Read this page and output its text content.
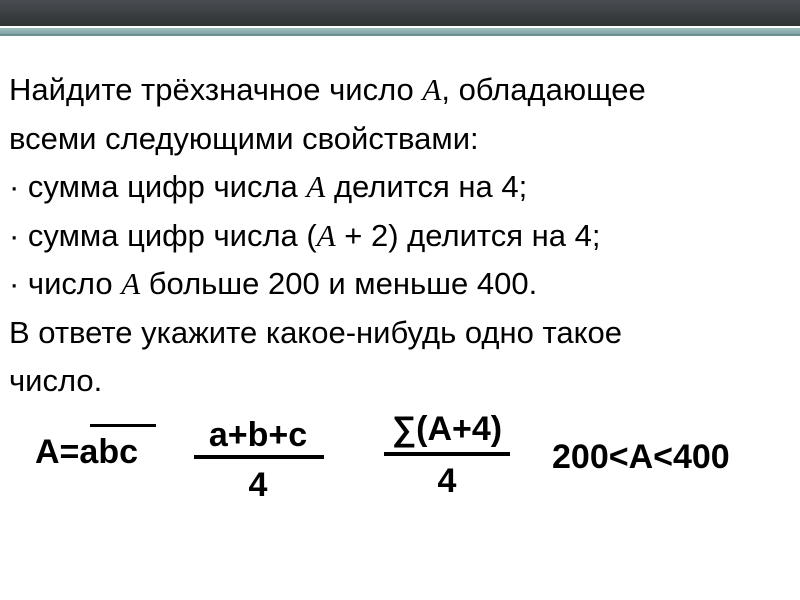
Найдите трёхзначное число A, обладающее

всеми следующими свойствами:

· сумма цифр числа A делится на 4;

· сумма цифр числа (A + 2) делится на 4;

· число A больше 200 и меньше 400.

В ответе укажите какое-нибудь одно такое

число.

A=abc	a+b+c
4
∑(A+4)
4
200<A<400
